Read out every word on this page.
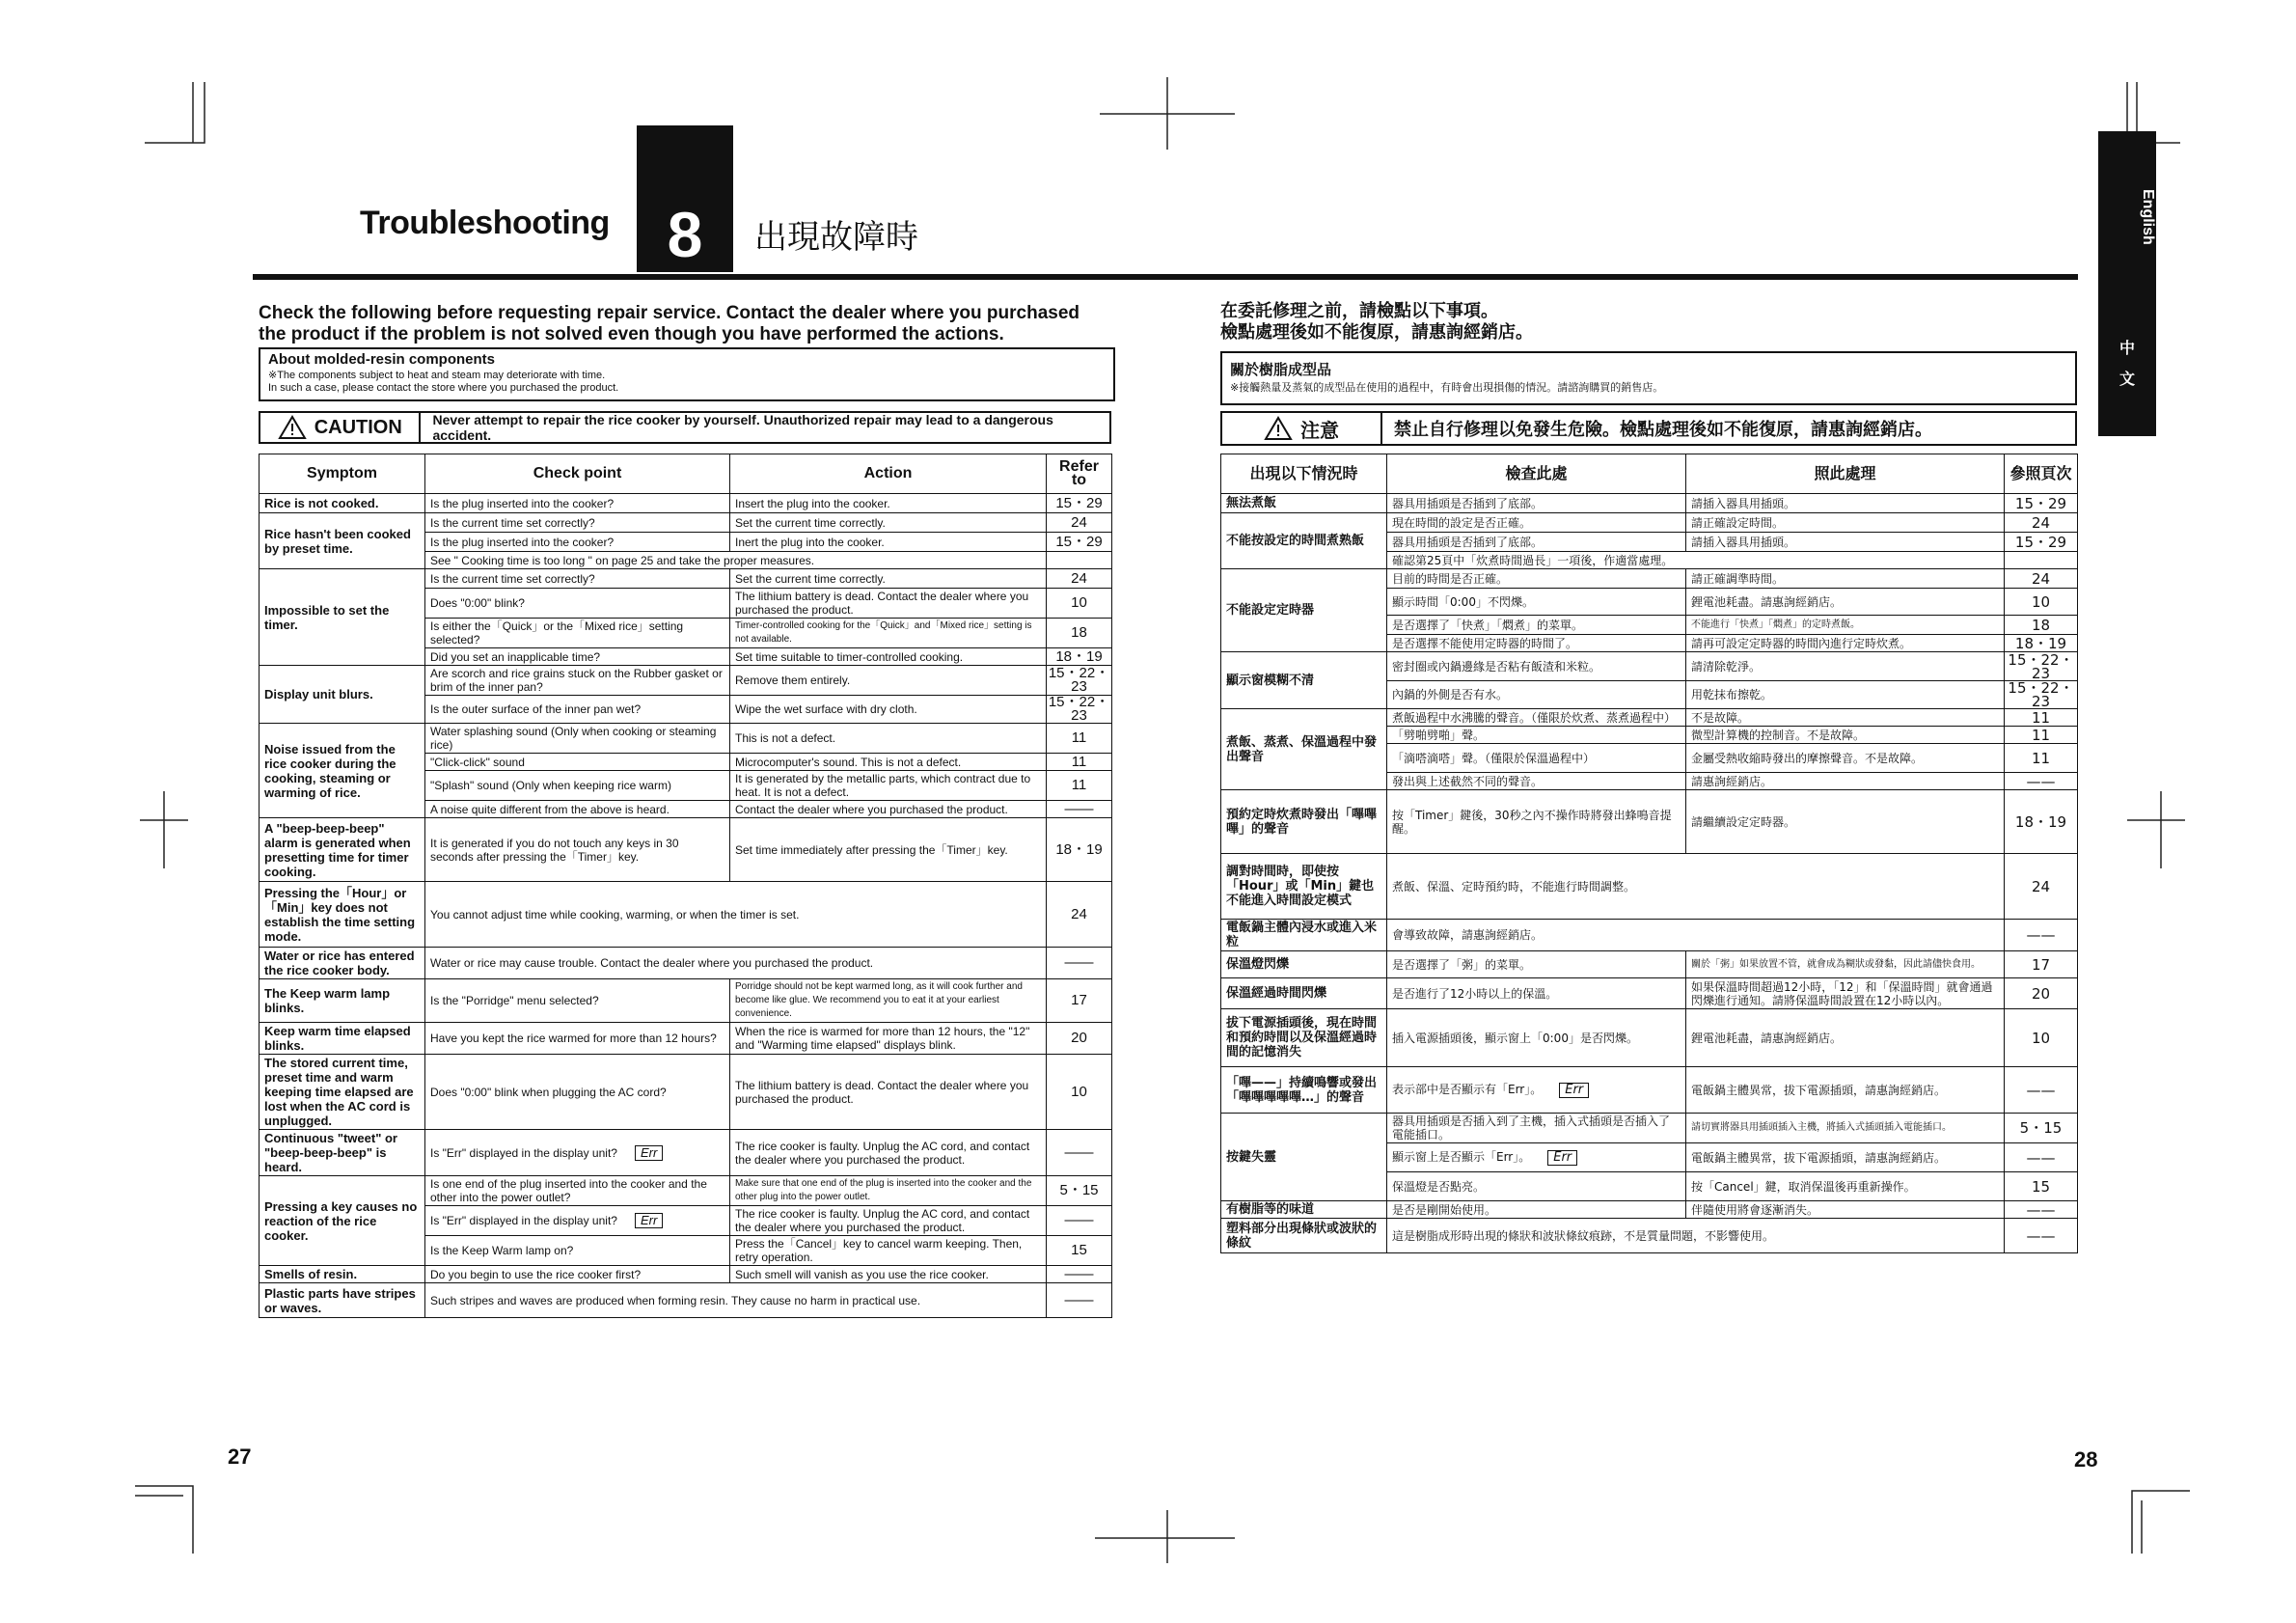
Troubleshooting 8	出現故障時	English
中
文
Check the following before requesting repair service. Contact the dealer where you purchased the product if the problem is not solved even though you have performed the actions.
About molded-resin components
※The components subject to heat and steam may deteriorate with time.
In such a case, please contact the store where you purchased the product.
CAUTION	Never attempt to repair the rice cooker by yourself. Unauthorized repair may lead to a dangerous accident.
Symptom	Check point	Action	Refer to
Rice is not cooked.	Is the plug inserted into the cooker?	Insert the plug into the cooker.	15・29
Rice hasn't been cooked by preset time.	Is the current time set correctly?	Set the current time correctly.	24
	Is the plug inserted into the cooker?	Inert the plug into the cooker.	15・29
	See " Cooking time is too long " on page 25 and take the proper measures.		
Impossible to set the timer.	Is the current time set correctly?	Set the current time correctly.	24
	Does "0:00" blink?	The lithium battery is dead. Contact the dealer where you purchased the product.	10
	Is either the「Quick」or the「Mixed rice」setting selected?	Timer-controlled cooking for the「Quick」and「Mixed rice」setting is not available.	18
	Did you set an inapplicable time?	Set time suitable to timer-controlled cooking.	18・19
Display unit blurs.	Are scorch and rice grains stuck on the Rubber gasket or brim of the inner pan?	Remove them entirely.	15・22・23
	Is the outer surface of the inner pan wet?	Wipe the wet surface with dry cloth.	15・22・23
Noise issued from the rice cooker during the cooking, steaming or warming of rice.	Water splashing sound (Only when cooking or steaming rice)	This is not a defect.	11
	"Click-click" sound	Microcomputer's sound. This is not a defect.	11
	"Splash" sound (Only when keeping rice warm)	It is generated by the metallic parts, which contract due to heat. It is not a defect.	11
	A noise quite different from the above is heard.	Contact the dealer where you purchased the product.	——
A "beep-beep-beep" alarm is generated when presetting time for timer cooking.	It is generated if you do not touch any keys in 30 seconds after pressing the「Timer」key.	Set time immediately after pressing the「Timer」key.	18・19
Pressing the「Hour」or「Min」key does not establish the time setting mode.	You cannot adjust time while cooking, warming, or when the timer is set.		24
Water or rice has entered the rice cooker body.	Water or rice may cause trouble. Contact the dealer where you purchased the product.		——
The Keep warm lamp blinks.	Is the "Porridge" menu selected?	Porridge should not be kept warmed long, as it will cook further and become like glue. We recommend you to eat it at your earliest convenience.	17
Keep warm time elapsed blinks.	Have you kept the rice warmed for more than 12 hours?	When the rice is warmed for more than 12 hours, the "12" and "Warming time elapsed" displays blink.	20
The stored current time, preset time and warm keeping time elapsed are lost when the AC cord is unplugged.	Does "0:00" blink when plugging the AC cord?	The lithium battery is dead. Contact the dealer where you purchased the product.	10
Continuous "tweet" or "beep-beep-beep" is heard.	Is "Err" displayed in the display unit? Err	The rice cooker is faulty. Unplug the AC cord, and contact the dealer where you purchased the product.	——
Pressing a key causes no reaction of the rice cooker.	Is one end of the plug inserted into the cooker and the other into the power outlet?	Make sure that one end of the plug is inserted into the cooker and the other plug into the power outlet.	5・15
	Is "Err" displayed in the display unit? Err	The rice cooker is faulty. Unplug the AC cord, and contact the dealer where you purchased the product.	——
	Is the Keep Warm lamp on?	Press the「Cancel」key to cancel warm keeping. Then, retry operation.	15
Smells of resin.	Do you begin to use the rice cooker first?	Such smell will vanish as you use the rice cooker.	——
Plastic parts have stripes or waves.	Such stripes and waves are produced when forming resin. They cause no harm in practical use.		——
27
在委託修理之前，請檢點以下事項。
檢點處理後如不能復原，請惠詢經銷店。
關於樹脂成型品
※接觸熱量及蒸氣的成型品在使用的過程中，有時會出現損傷的情況。請諮詢購買的銷售店。
注意	禁止自行修理以免發生危險。檢點處理後如不能復原，請惠詢經銷店。
出現以下情況時	檢查此處	照此處理	參照頁次
無法煮飯	器具用插頭是否插到了底部。	請插入器具用插頭。	15・29
不能按設定的時間煮熟飯	現在時間的設定是否正確。	請正確設定時間。	24
	器具用插頭是否插到了底部。	請插入器具用插頭。	15・29
	確認第25頁中「炊煮時間過長」一項後，作適當處理。		
不能設定定時器	目前的時間是否正確。	請正確調準時間。	24
	顯示時間「0:00」不閃爍。	鋰電池耗盡。請惠詢經銷店。	10
	是否選擇了「快煮」「燜煮」的菜單。	不能進行「快煮」「燜煮」的定時煮飯。	18
	是否選擇不能使用定時器的時間了。	請再可設定定時器的時間內進行定時炊煮。	18・19
顯示窗模糊不清	密封圈或內鍋邊緣是否粘有飯渣和米粒。	請清除乾淨。	15・22・23
	內鍋的外側是否有水。	用乾抹布擦乾。	15・22・23
煮飯、蒸煮、保溫過程中發出聲音	煮飯過程中水沸騰的聲音。（僅限於炊煮、蒸煮過程中）	不是故障。	11
	「劈啪劈啪」聲。	微型計算機的控制音。不是故障。	11
	「滴嗒滴嗒」聲。（僅限於保溫過程中）	金屬受熱收縮時發出的摩擦聲音。不是故障。	11
	發出與上述截然不同的聲音。	請惠詢經銷店。	——
預約定時炊煮時發出「嗶嗶嗶」的聲音	按「Timer」鍵後，30秒之內不操作時將發出蜂鳴音提醒。	請繼續設定定時器。	18・19
調對時間時，即使按「Hour」或「Min」鍵也不能進入時間設定模式	煮飯、保溫、定時預約時，不能進行時間調整。		24
電飯鍋主體內浸水或進入米粒	會導致故障，請惠詢經銷店。		——
保溫燈閃爍	是否選擇了「粥」的菜單。	關於「粥」如果放置不管，就會成為糊狀或發黏，因此請儘快食用。	17
保溫經過時間閃爍	是否進行了12小時以上的保溫。	如果保溫時間超過12小時，「12」和「保溫時間」就會通過閃爍進行通知。請將保溫時間設置在12小時以內。	20
拔下電源插頭後，現在時間和預約時間以及保溫經過時間的記憶消失	插入電源插頭後，顯示窗上「0:00」是否閃爍。	鋰電池耗盡，請惠詢經銷店。	10
「嗶——」持續鳴響或發出「嗶嗶嗶嗶嗶…」的聲音	表示部中是否顯示有「Err」。 Err	電飯鍋主體異常，拔下電源插頭，請惠詢經銷店。	——
按鍵失靈	器具用插頭是否插入到了主機，插入式插頭是否插入了電能插口。	請切實將器具用插頭插入主機，將插入式插頭插入電能插口。	5・15
	顯示窗上是否顯示「Err」。 Err	電飯鍋主體異常，拔下電源插頭，請惠詢經銷店。	——
	保溫燈是否點亮。	按「Cancel」鍵，取消保溫後再重新操作。	15
有樹脂等的味道	是否是剛開始使用。	伴隨使用將會逐漸消失。	——
塑料部分出現條狀或波狀的條紋	這是樹脂成形時出現的條狀和波狀條紋痕跡，不是質量問題，不影響使用。		——
28
